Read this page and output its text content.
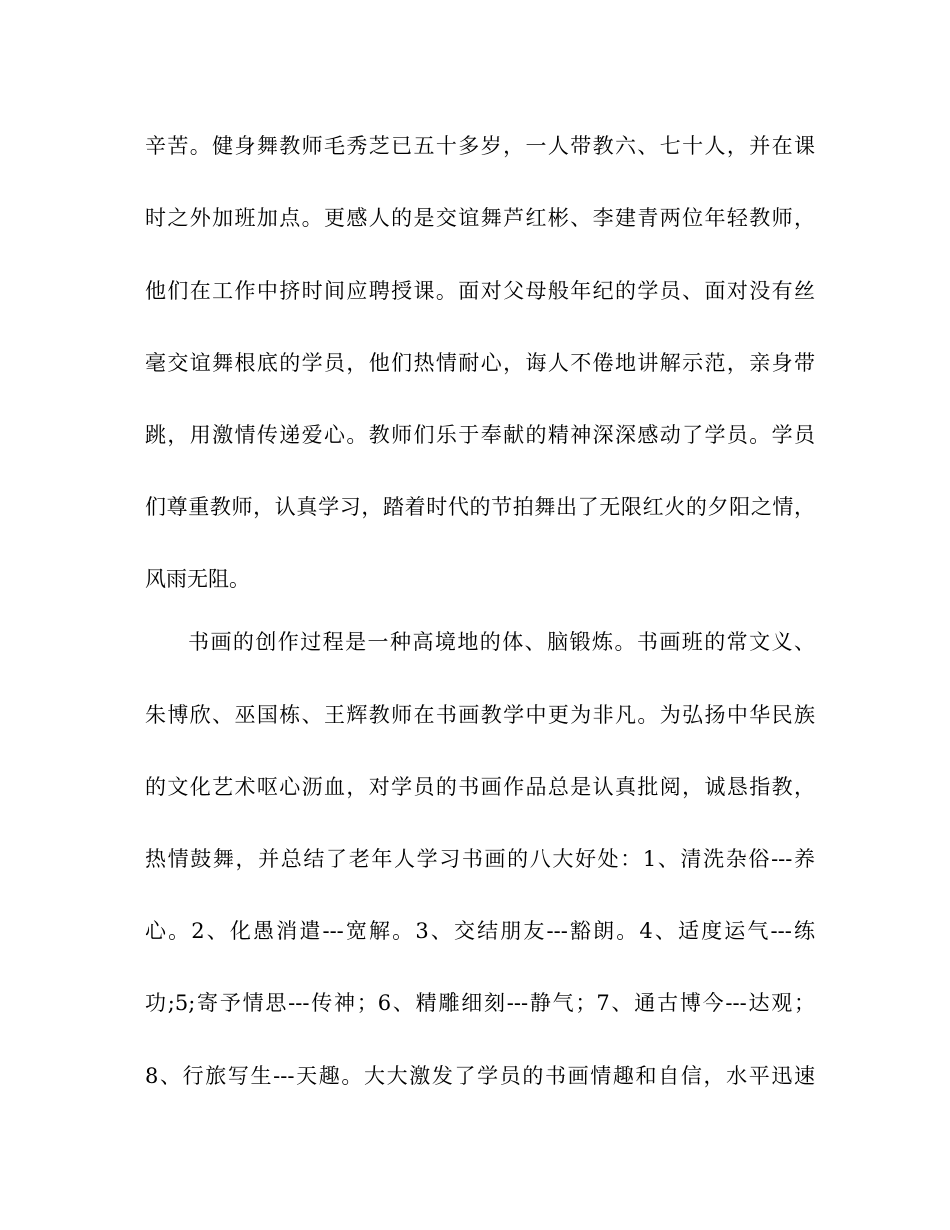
辛苦。健身舞教师毛秀芝已五十多岁，一人带教六、七十人，并在课
时之外加班加点。更感人的是交谊舞芦红彬、李建青两位年轻教师，
他们在工作中挤时间应聘授课。面对父母般年纪的学员、面对没有丝
毫交谊舞根底的学员，他们热情耐心，诲人不倦地讲解示范，亲身带
跳，用激情传递爱心。教师们乐于奉献的精神深深感动了学员。学员
们尊重教师，认真学习，踏着时代的节拍舞出了无限红火的夕阳之情，
风雨无阻。
书画的创作过程是一种高境地的体、脑锻炼。书画班的常文义、
朱博欣、巫国栋、王辉教师在书画教学中更为非凡。为弘扬中华民族
的文化艺术呕心沥血，对学员的书画作品总是认真批阅，诚恳指教，
热情鼓舞，并总结了老年人学习书画的八大好处：1、清洗杂俗---养
心。2、化愚消遣---宽解。3、交结朋友---豁朗。4、适度运气---练
功;5;寄予情思---传神；6、精雕细刻---静气；7、通古博今---达观；
8、行旅写生---天趣。大大激发了学员的书画情趣和自信，水平迅速
